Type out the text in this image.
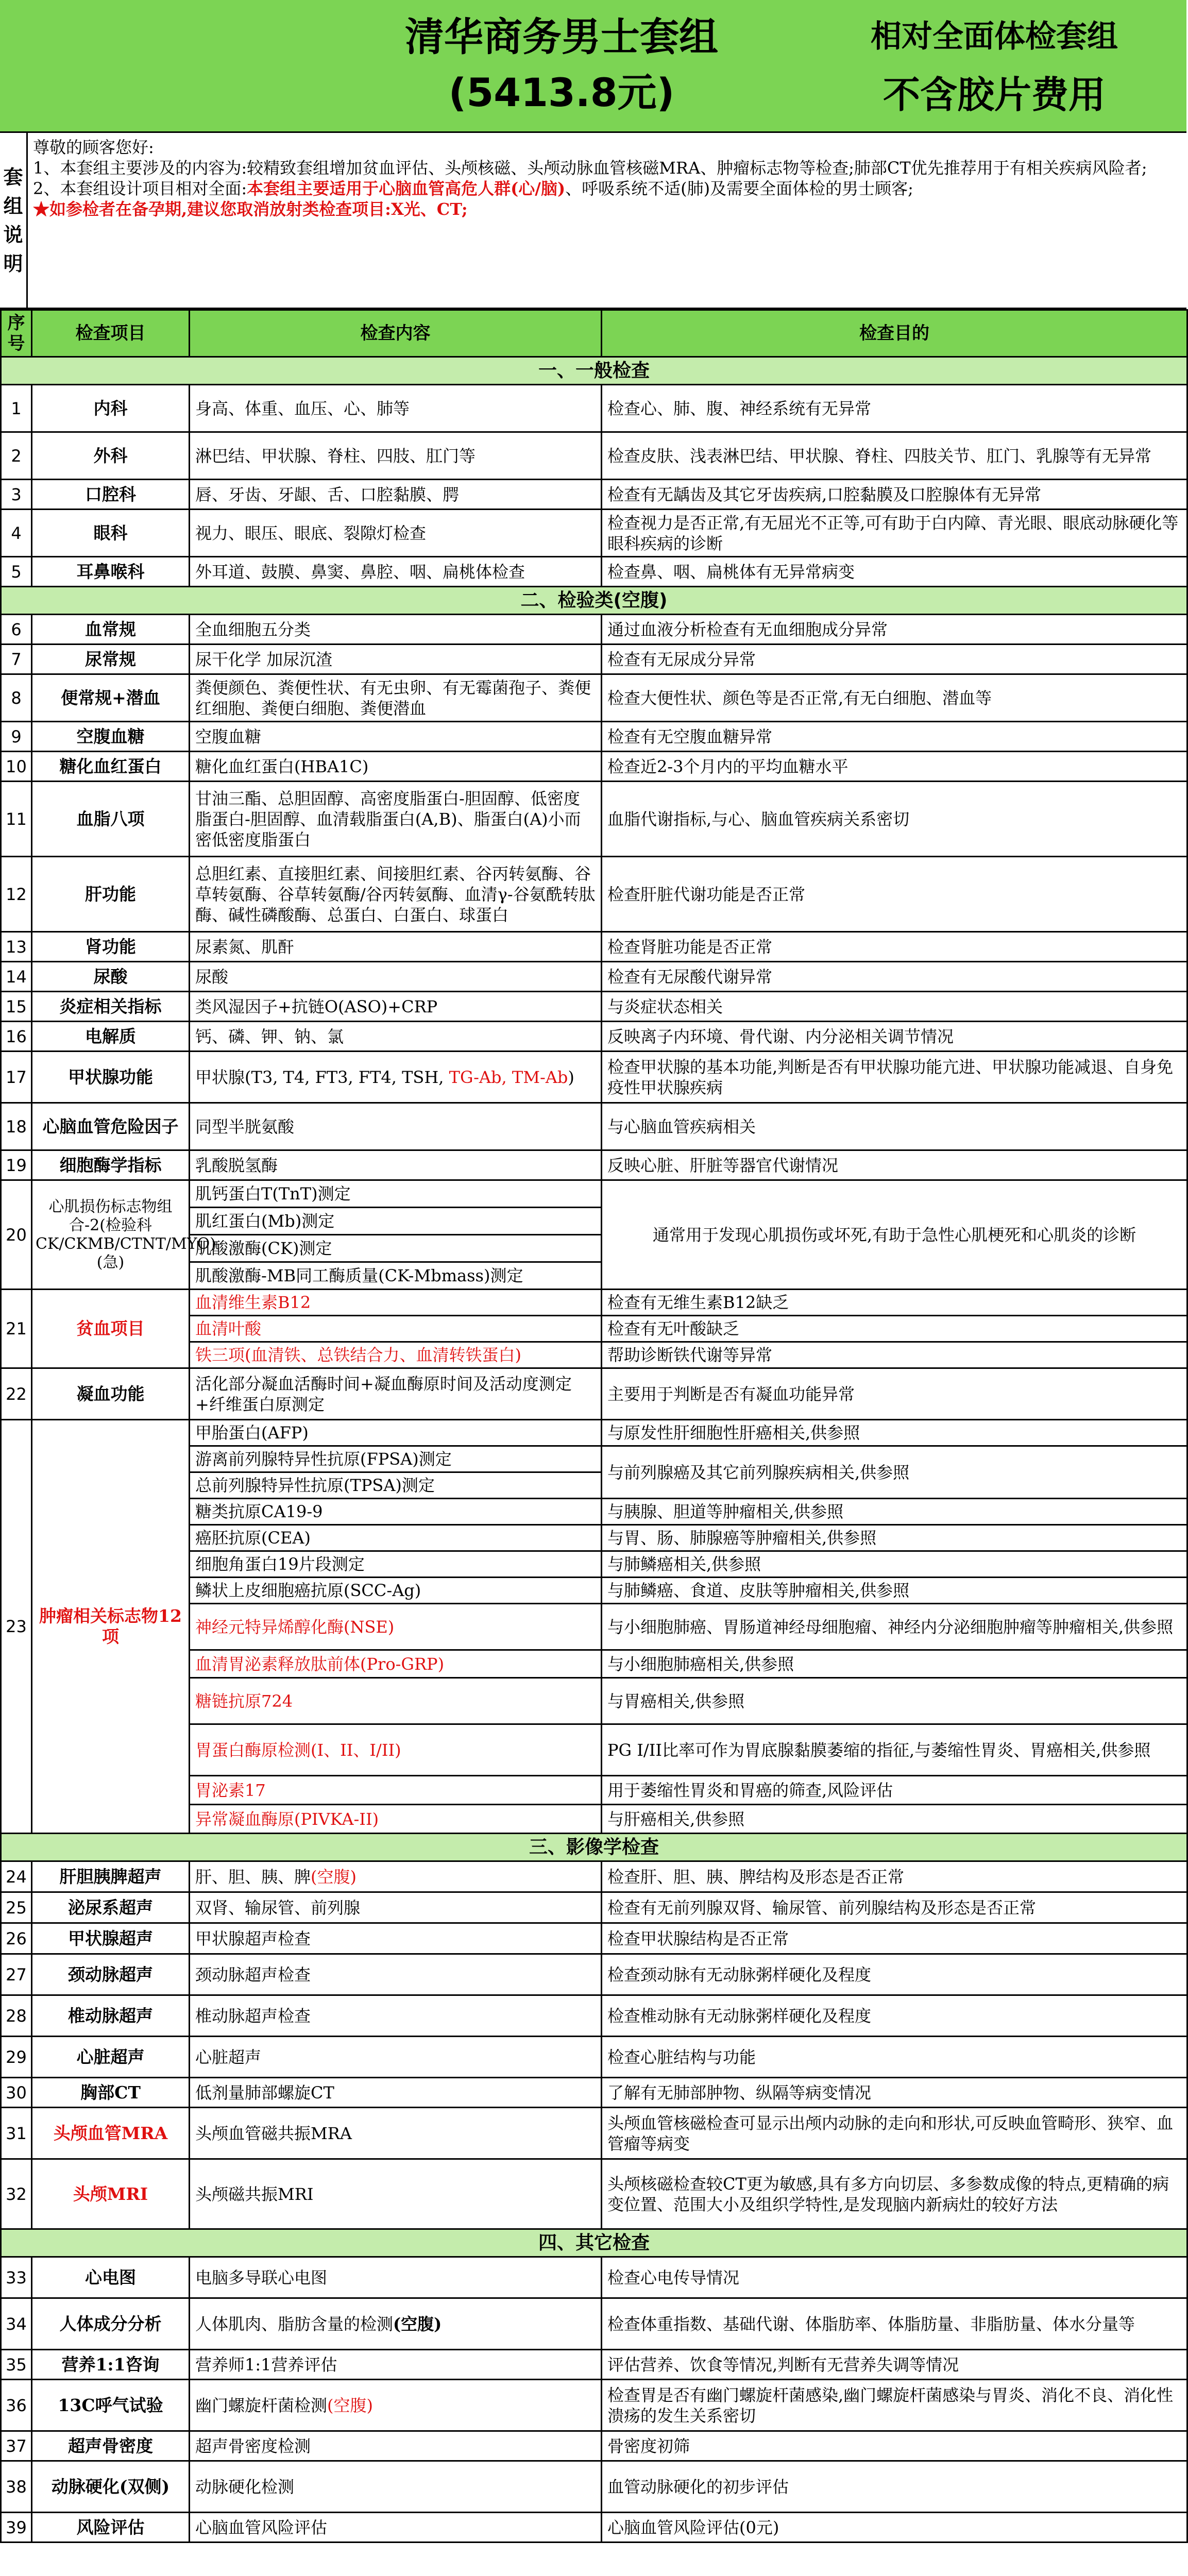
清华商务男士套组
(5413.8元)
相对全面体检套组
不含胶片费用
套
组
说
明

尊敬的顾客您好:

1、本套组主要涉及的内容为:较精致套组增加贫血评估、头颅核磁、头颅动脉血管核磁MRA、肿瘤标志物等检查;肺部CT优先推荐用于有相关疾病风险者;

2、本套组设计项目相对全面:本套组主要适用于心脑血管高危人群(心/脑)、呼吸系统不适(肺)及需要全面体检的男士顾客;

★如参检者在备孕期,建议您取消放射类检查项目:X光、CT;

序号	检查项目	检查内容	检查目的
一、一般检查			
1	内科	身高、体重、血压、心、肺等	检查心、肺、腹、神经系统有无异常
2	外科	淋巴结、甲状腺、脊柱、四肢、肛门等	检查皮肤、浅表淋巴结、甲状腺、脊柱、四肢关节、肛门、乳腺等有无异常
3	口腔科	唇、牙齿、牙龈、舌、口腔黏膜、腭	检查有无龋齿及其它牙齿疾病,口腔黏膜及口腔腺体有无异常
4	眼科	视力、眼压、眼底、裂隙灯检查	检查视力是否正常,有无屈光不正等,可有助于白内障、青光眼、眼底动脉硬化等眼科疾病的诊断
5	耳鼻喉科	外耳道、鼓膜、鼻窦、鼻腔、咽、扁桃体检查	检查鼻、咽、扁桃体有无异常病变
二、检验类(空腹)			
6	血常规	全血细胞五分类	通过血液分析检查有无血细胞成分异常
7	尿常规	尿干化学 加尿沉渣	检查有无尿成分异常
8	便常规+潜血	粪便颜色、粪便性状、有无虫卵、有无霉菌孢子、粪便红细胞、粪便白细胞、粪便潜血	检查大便性状、颜色等是否正常,有无白细胞、潜血等
9	空腹血糖	空腹血糖	检查有无空腹血糖异常
10	糖化血红蛋白	糖化血红蛋白(HBA1C)	检查近2-3个月内的平均血糖水平
11	血脂八项	甘油三酯、总胆固醇、高密度脂蛋白-胆固醇、低密度脂蛋白-胆固醇、血清载脂蛋白(A,B)、脂蛋白(A)小而密低密度脂蛋白	血脂代谢指标,与心、脑血管疾病关系密切
12	肝功能	总胆红素、直接胆红素、间接胆红素、谷丙转氨酶、谷草转氨酶、谷草转氨酶/谷丙转氨酶、血清γ-谷氨酰转肽酶、碱性磷酸酶、总蛋白、白蛋白、球蛋白	检查肝脏代谢功能是否正常
13	肾功能	尿素氮、肌酐	检查肾脏功能是否正常
14	尿酸	尿酸	检查有无尿酸代谢异常
15	炎症相关指标	类风湿因子+抗链O(ASO)+CRP	与炎症状态相关
16	电解质	钙、磷、钾、钠、氯	反映离子内环境、骨代谢、内分泌相关调节情况
17	甲状腺功能	甲状腺(T3, T4, FT3, FT4, TSH, TG-Ab, TM-Ab)	检查甲状腺的基本功能,判断是否有甲状腺功能亢进、甲状腺功能减退、自身免疫性甲状腺疾病
18	心脑血管危险因子	同型半胱氨酸	与心脑血管疾病相关
19	细胞酶学指标	乳酸脱氢酶	反映心脏、肝脏等器官代谢情况
20	心肌损伤标志物组合-2(检验科CK/CKMB/CTNT/MYO)(急)	肌钙蛋白T(TnT)测定	通常用于发现心肌损伤或坏死,有助于急性心肌梗死和心肌炎的诊断
		肌红蛋白(Mb)测定	
		肌酸激酶(CK)测定	
		肌酸激酶-MB同工酶质量(CK-Mbmass)测定	
21	贫血项目	血清维生素B12	检查有无维生素B12缺乏
		血清叶酸	检查有无叶酸缺乏
		铁三项(血清铁、总铁结合力、血清转铁蛋白)	帮助诊断铁代谢等异常
22	凝血功能	活化部分凝血活酶时间+凝血酶原时间及活动度测定+纤维蛋白原测定	主要用于判断是否有凝血功能异常
23	肿瘤相关标志物12项	甲胎蛋白(AFP)	与原发性肝细胞性肝癌相关,供参照
		游离前列腺特异性抗原(FPSA)测定	与前列腺癌及其它前列腺疾病相关,供参照
		总前列腺特异性抗原(TPSA)测定	
		糖类抗原CA19-9	与胰腺、胆道等肿瘤相关,供参照
		癌胚抗原(CEA)	与胃、肠、肺腺癌等肿瘤相关,供参照
		细胞角蛋白19片段测定	与肺鳞癌相关,供参照
		鳞状上皮细胞癌抗原(SCC-Ag)	与肺鳞癌、食道、皮肤等肿瘤相关,供参照
		神经元特异烯醇化酶(NSE)	与小细胞肺癌、胃肠道神经母细胞瘤、神经内分泌细胞肿瘤等肿瘤相关,供参照
		血清胃泌素释放肽前体(Pro-GRP)	与小细胞肺癌相关,供参照
		糖链抗原724	与胃癌相关,供参照
		胃蛋白酶原检测(I、II、I/II)	PG I/II比率可作为胃底腺黏膜萎缩的指征,与萎缩性胃炎、胃癌相关,供参照
		胃泌素17	用于萎缩性胃炎和胃癌的筛查,风险评估
		异常凝血酶原(PIVKA-II)	与肝癌相关,供参照
三、影像学检查			
24	肝胆胰脾超声	肝、胆、胰、脾(空腹)	检查肝、胆、胰、脾结构及形态是否正常
25	泌尿系超声	双肾、输尿管、前列腺	检查有无前列腺双肾、输尿管、前列腺结构及形态是否正常
26	甲状腺超声	甲状腺超声检查	检查甲状腺结构是否正常
27	颈动脉超声	颈动脉超声检查	检查颈动脉有无动脉粥样硬化及程度
28	椎动脉超声	椎动脉超声检查	检查椎动脉有无动脉粥样硬化及程度
29	心脏超声	心脏超声	检查心脏结构与功能
30	胸部CT	低剂量肺部螺旋CT	了解有无肺部肿物、纵隔等病变情况
31	头颅血管MRA	头颅血管磁共振MRA	头颅血管核磁检查可显示出颅内动脉的走向和形状,可反映血管畸形、狭窄、血管瘤等病变
32	头颅MRI	头颅磁共振MRI	头颅核磁检查较CT更为敏感,具有多方向切层、多参数成像的特点,更精确的病变位置、范围大小及组织学特性,是发现脑内新病灶的较好方法
四、其它检查			
33	心电图	电脑多导联心电图	检查心电传导情况
34	人体成分分析	人体肌肉、脂肪含量的检测(空腹)	检查体重指数、基础代谢、体脂肪率、体脂肪量、非脂肪量、体水分量等
35	营养1:1咨询	营养师1:1营养评估	评估营养、饮食等情况,判断有无营养失调等情况
36	13C呼气试验	幽门螺旋杆菌检测(空腹)	检查胃是否有幽门螺旋杆菌感染,幽门螺旋杆菌感染与胃炎、消化不良、消化性溃疡的发生关系密切
37	超声骨密度	超声骨密度检测	骨密度初筛
38	动脉硬化(双侧)	动脉硬化检测	血管动脉硬化的初步评估
39	风险评估	心脑血管风险评估	心脑血管风险评估(0元)
